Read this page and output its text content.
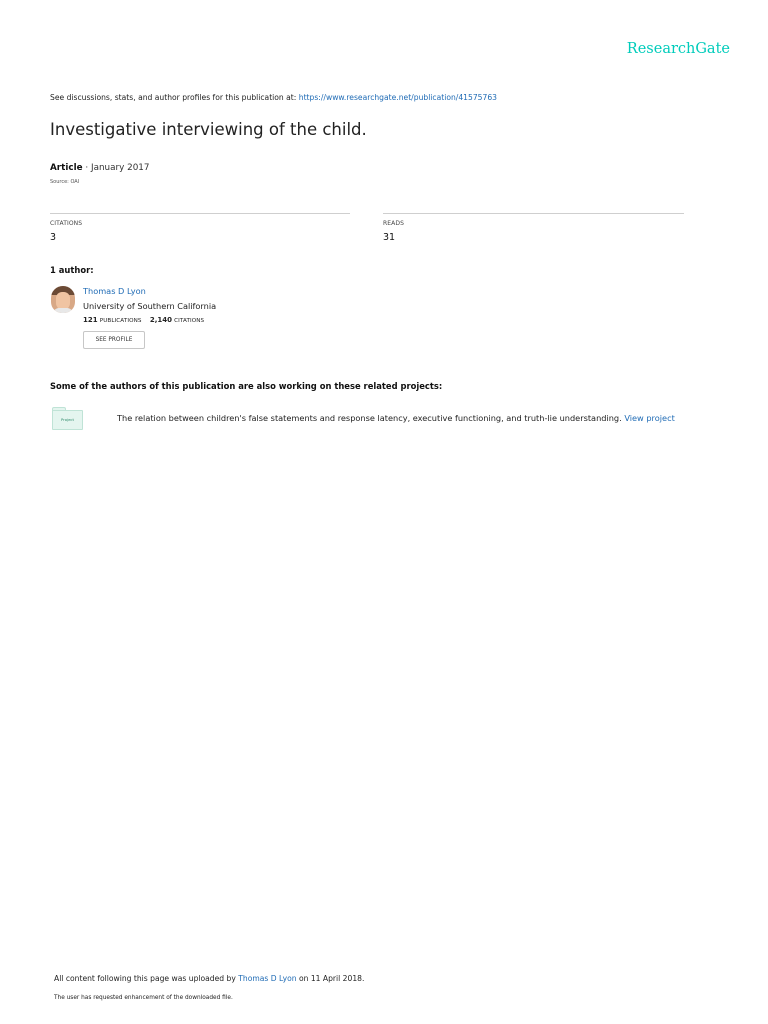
ResearchGate
See discussions, stats, and author profiles for this publication at: https://www.researchgate.net/publication/41575763
Investigative interviewing of the child.
Article · January 2017
Source: OAI
CITATIONS
3
READS
31
1 author:
Thomas D Lyon
University of Southern California
121 PUBLICATIONS 2,140 CITATIONS
SEE PROFILE
Some of the authors of this publication are also working on these related projects:
Project	The relation between children's false statements and response latency, executive functioning, and truth-lie understanding. View project
All content following this page was uploaded by Thomas D Lyon on 11 April 2018.
The user has requested enhancement of the downloaded file.
